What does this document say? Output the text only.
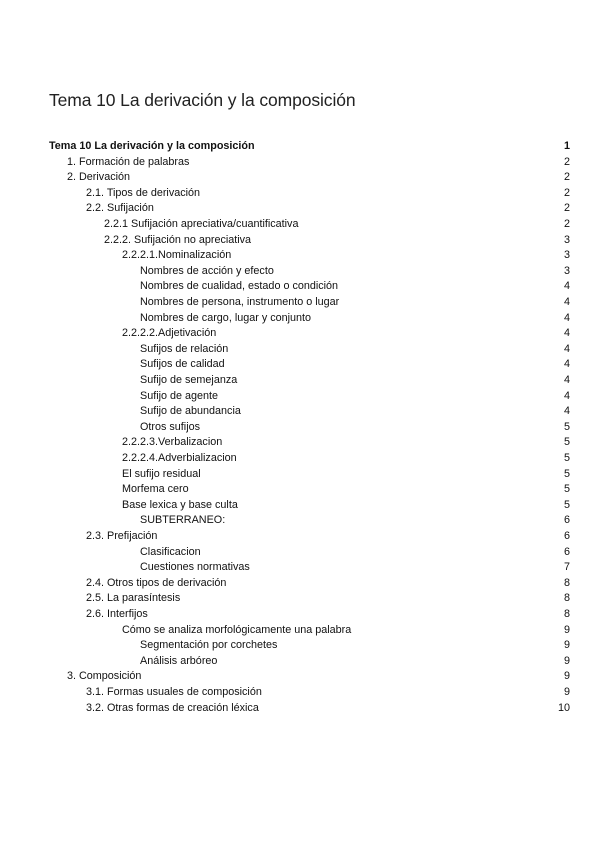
Tema 10 La derivación y la composición
Tema 10 La derivación y la composición	1
1. Formación de palabras	2
2. Derivación	2
2.1. Tipos de derivación	2
2.2. Sufijación	2
2.2.1 Sufijación apreciativa/cuantificativa	2
2.2.2. Sufijación no apreciativa	3
2.2.2.1.Nominalización	3
Nombres de acción y efecto	3
Nombres de cualidad, estado o condición	4
Nombres de persona, instrumento o lugar	4
Nombres de cargo, lugar y conjunto	4
2.2.2.2.Adjetivación	4
Sufijos de relación	4
Sufijos de calidad	4
Sufijo de semejanza	4
Sufijo de agente	4
Sufijo de abundancia	4
Otros sufijos	5
2.2.2.3.Verbalizacion	5
2.2.2.4.Adverbializacion	5
El sufijo residual	5
Morfema cero	5
Base lexica y base culta	5
SUBTERRANEO:	6
2.3. Prefijación	6
Clasificacion	6
Cuestiones normativas	7
2.4. Otros tipos de derivación	8
2.5. La parasíntesis	8
2.6. Interfijos	8
Cómo se analiza morfológicamente una palabra	9
Segmentación por corchetes	9
Análisis arbóreo	9
3. Composición	9
3.1. Formas usuales de composición	9
3.2. Otras formas de creación léxica	10
